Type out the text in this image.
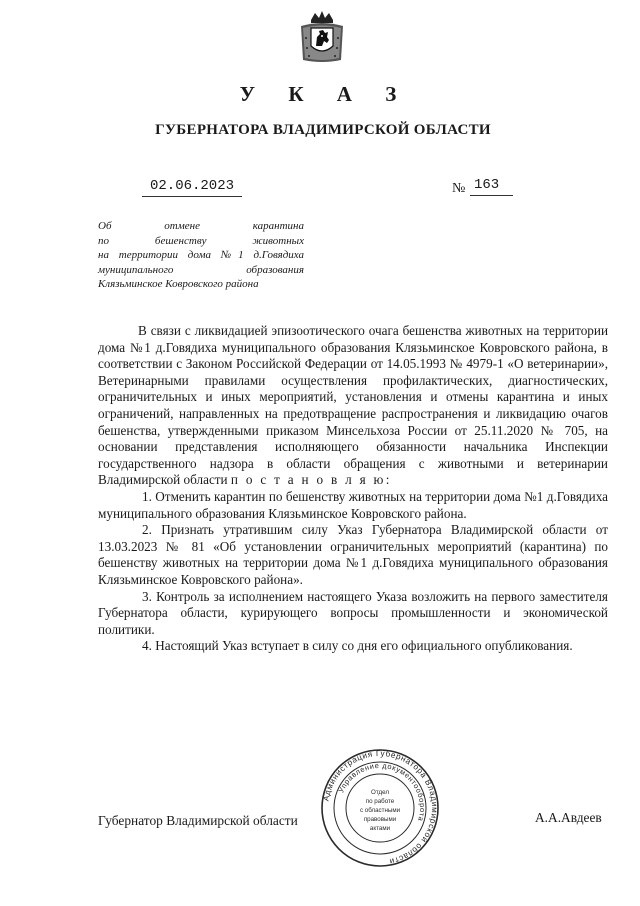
У К А З
ГУБЕРНАТОРА ВЛАДИМИРСКОЙ ОБЛАСТИ
02.06.2023	№ 163
Об отмене карантина
по бешенству животных
на территории дома №1 д.Говядиха
муниципального образования
Клязьминское Ковровского района

В связи с ликвидацией эпизоотического очага бешенства животных на территории дома №1 д.Говядиха муниципального образования Клязьминское Ковровского района, в соответствии с Законом Российской Федерации от 14.05.1993 № 4979-1 «О ветеринарии», Ветеринарными правилами осуществления профилактических, диагностических, ограничительных и иных мероприятий, установления и отмены карантина и иных ограничений, направленных на предотвращение распространения и ликвидацию очагов бешенства, утвержденными приказом Минсельхоза России от 25.11.2020 № 705, на основании представления исполняющего обязанности начальника Инспекции государственного надзора в области обращения с животными и ветеринарии Владимирской области п о с т а н о в л я ю:

1. Отменить карантин по бешенству животных на территории дома №1 д.Говядиха муниципального образования Клязьминское Ковровского района.

2. Признать утратившим силу Указ Губернатора Владимирской области от 13.03.2023 № 81 «Об установлении ограничительных мероприятий (карантина) по бешенству животных на территории дома №1 д.Говядиха муниципального образования Клязьминское Ковровского района».

3. Контроль за исполнением настоящего Указа возложить на первого заместителя Губернатора области, курирующего вопросы промышленности и экономической политики.

4. Настоящий Указ вступает в силу со дня его официального опубликования.

Губернатор Владимирской области	А.А.Авдеев
Администрация Губернатора Владимирской области
Управление документооборота
Отдел
по работе
с областными
правовыми
актами
